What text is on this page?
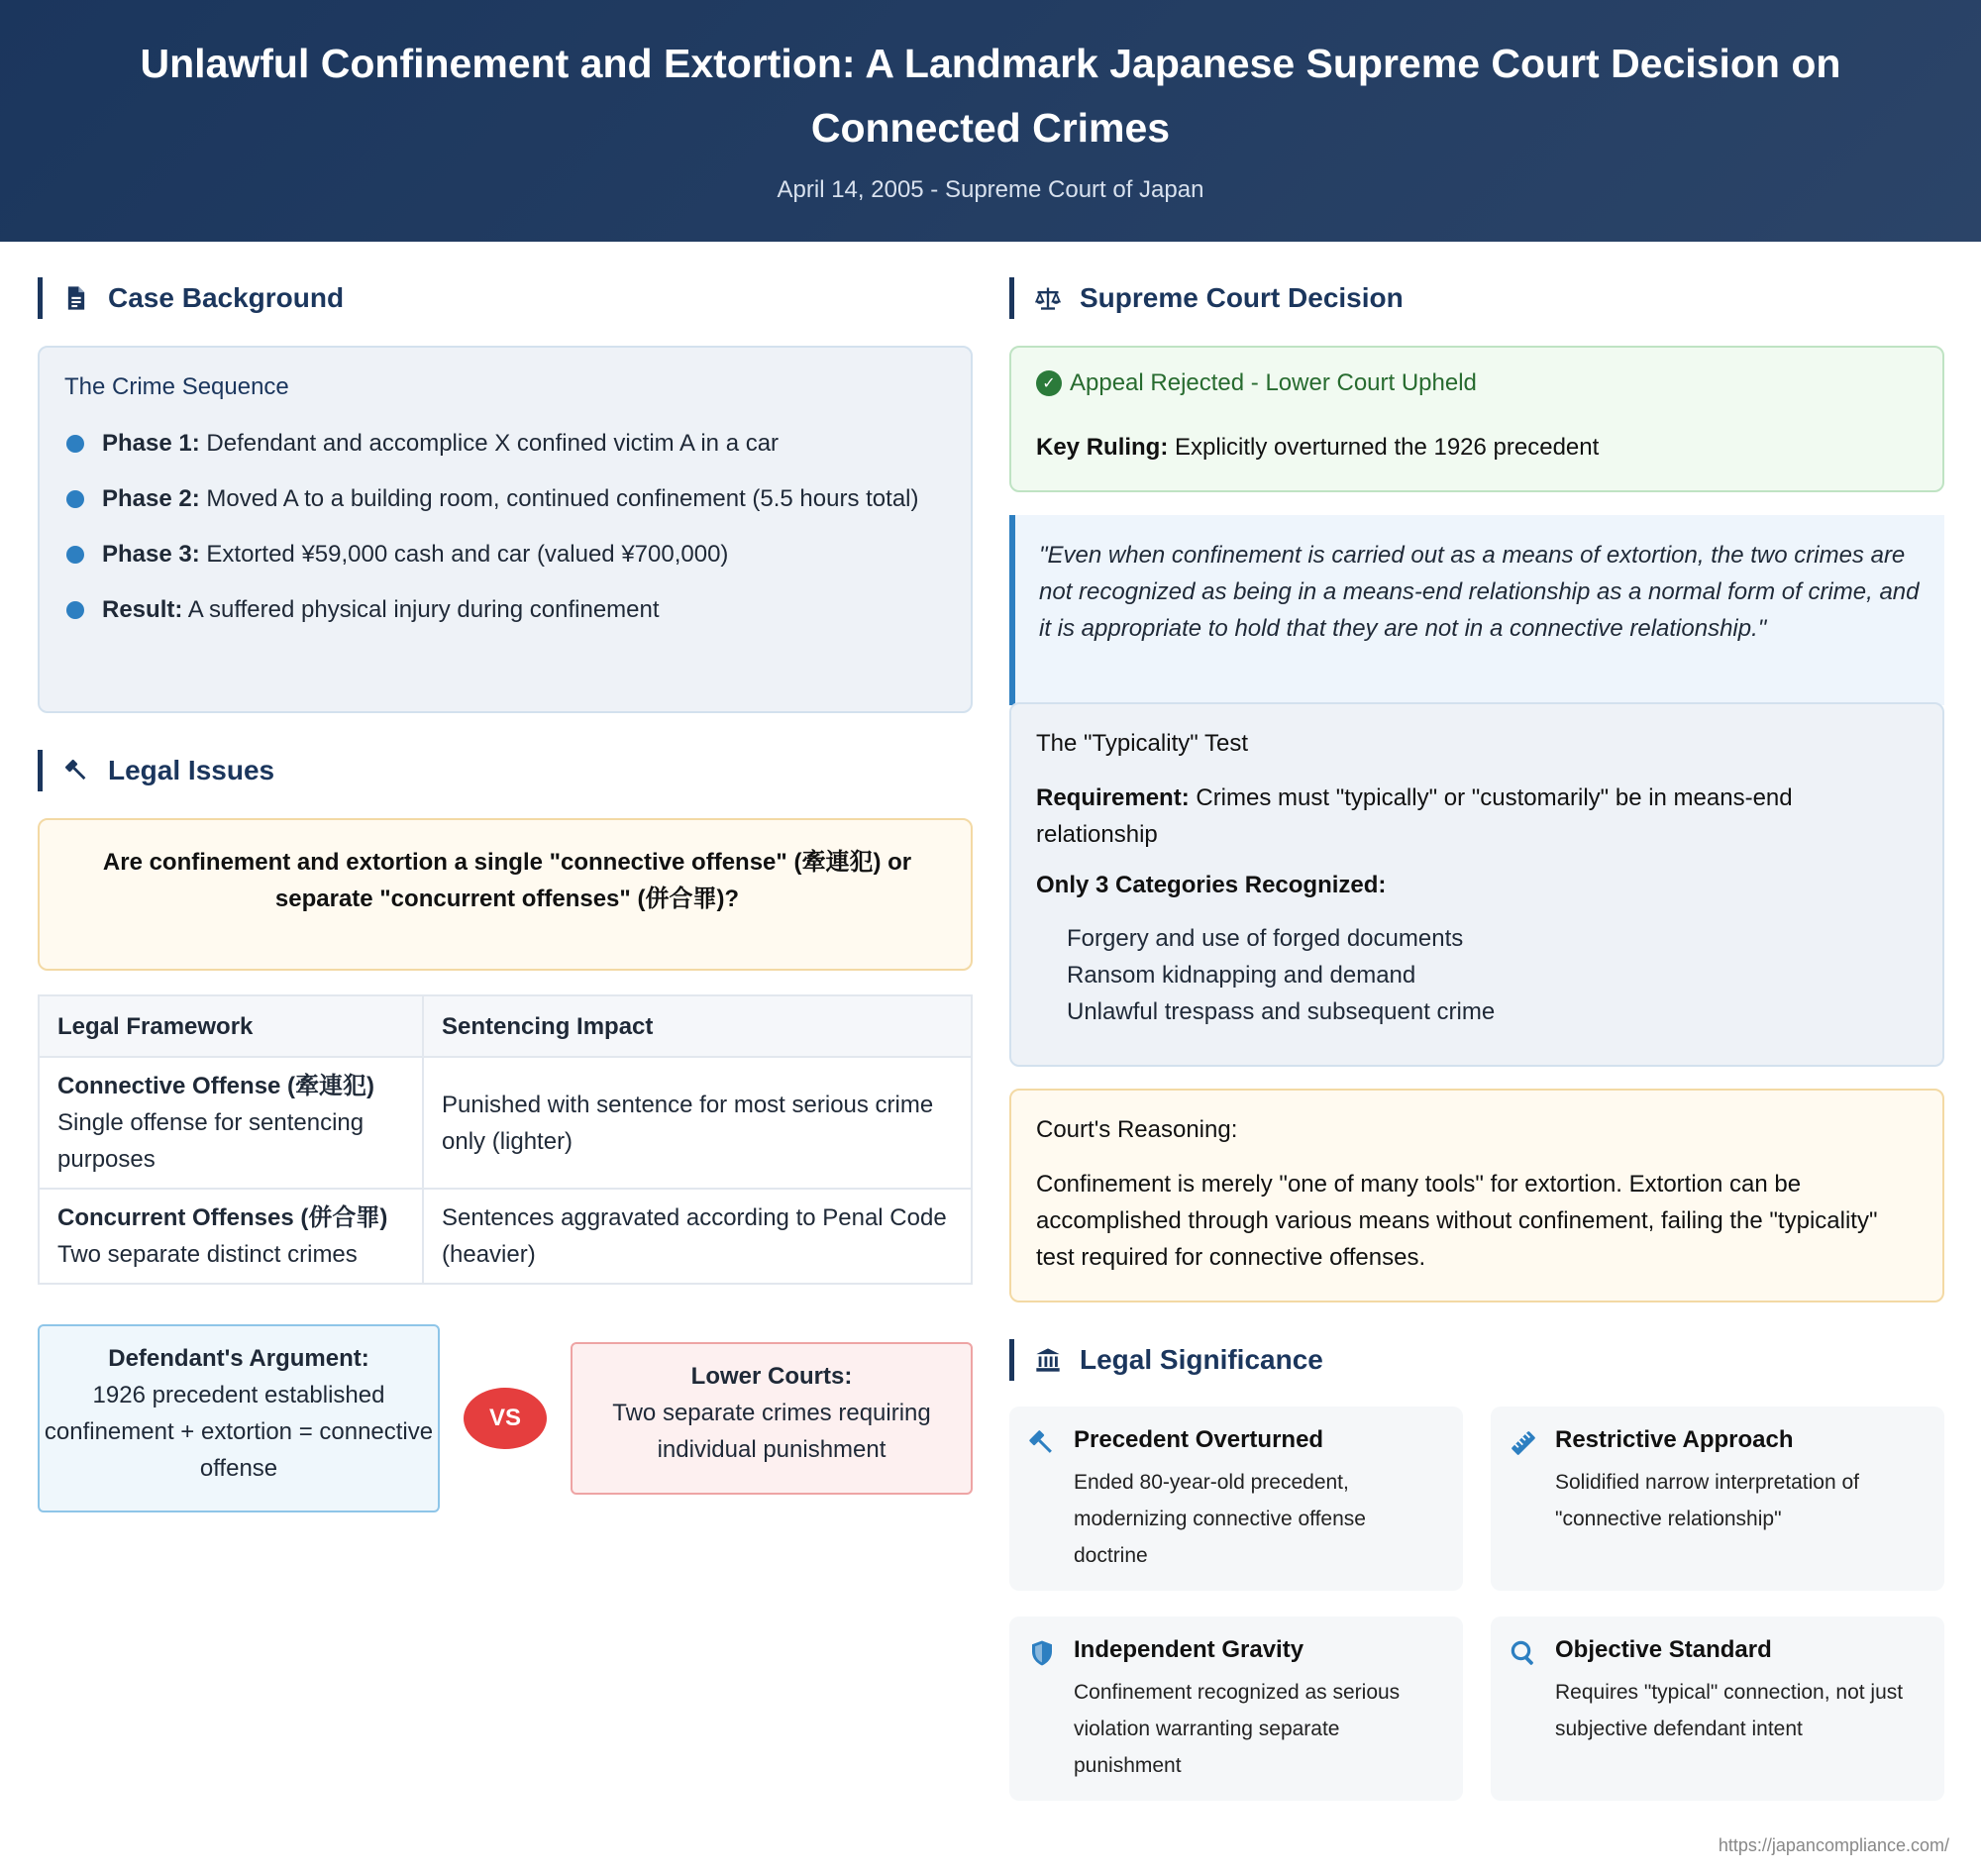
Unlawful Confinement and Extortion: A Landmark Japanese Supreme Court Decision on Connected Crimes
April 14, 2005 - Supreme Court of Japan
Case Background
The Crime Sequence
Phase 1: Defendant and accomplice X confined victim A in a car
Phase 2: Moved A to a building room, continued confinement (5.5 hours total)
Phase 3: Extorted ¥59,000 cash and car (valued ¥700,000)
Result: A suffered physical injury during confinement
Legal Issues
Are confinement and extortion a single "connective offense" (牽連犯) or separate "concurrent offenses" (併合罪)?
Legal Framework	Sentencing Impact

Connective Offense (牽連犯)
Single offense for sentencing purposes	Punished with sentence for most serious crime only (lighter)

Concurrent Offenses (併合罪)
Two separate distinct crimes	Sentences aggravated according to Penal Code (heavier)
Defendant's Argument:
1926 precedent established confinement + extortion = connective offense
VS
Lower Courts:
Two separate crimes requiring individual punishment
Supreme Court Decision
✓ Appeal Rejected - Lower Court Upheld
Key Ruling: Explicitly overturned the 1926 precedent
"Even when confinement is carried out as a means of extortion, the two crimes are not recognized as being in a means-end relationship as a normal form of crime, and it is appropriate to hold that they are not in a connective relationship."
The "Typicality" Test
Requirement: Crimes must "typically" or "customarily" be in means-end relationship
Only 3 Categories Recognized:
Forgery and use of forged documents
Ransom kidnapping and demand
Unlawful trespass and subsequent crime
Court's Reasoning:
Confinement is merely "one of many tools" for extortion. Extortion can be accomplished through various means without confinement, failing the "typicality" test required for connective offenses.
Legal Significance
Precedent Overturned
Ended 80-year-old precedent, modernizing connective offense doctrine
Restrictive Approach
Solidified narrow interpretation of "connective relationship"
Independent Gravity
Confinement recognized as serious violation warranting separate punishment
Objective Standard
Requires "typical" connection, not just subjective defendant intent
https://japancompliance.com/
